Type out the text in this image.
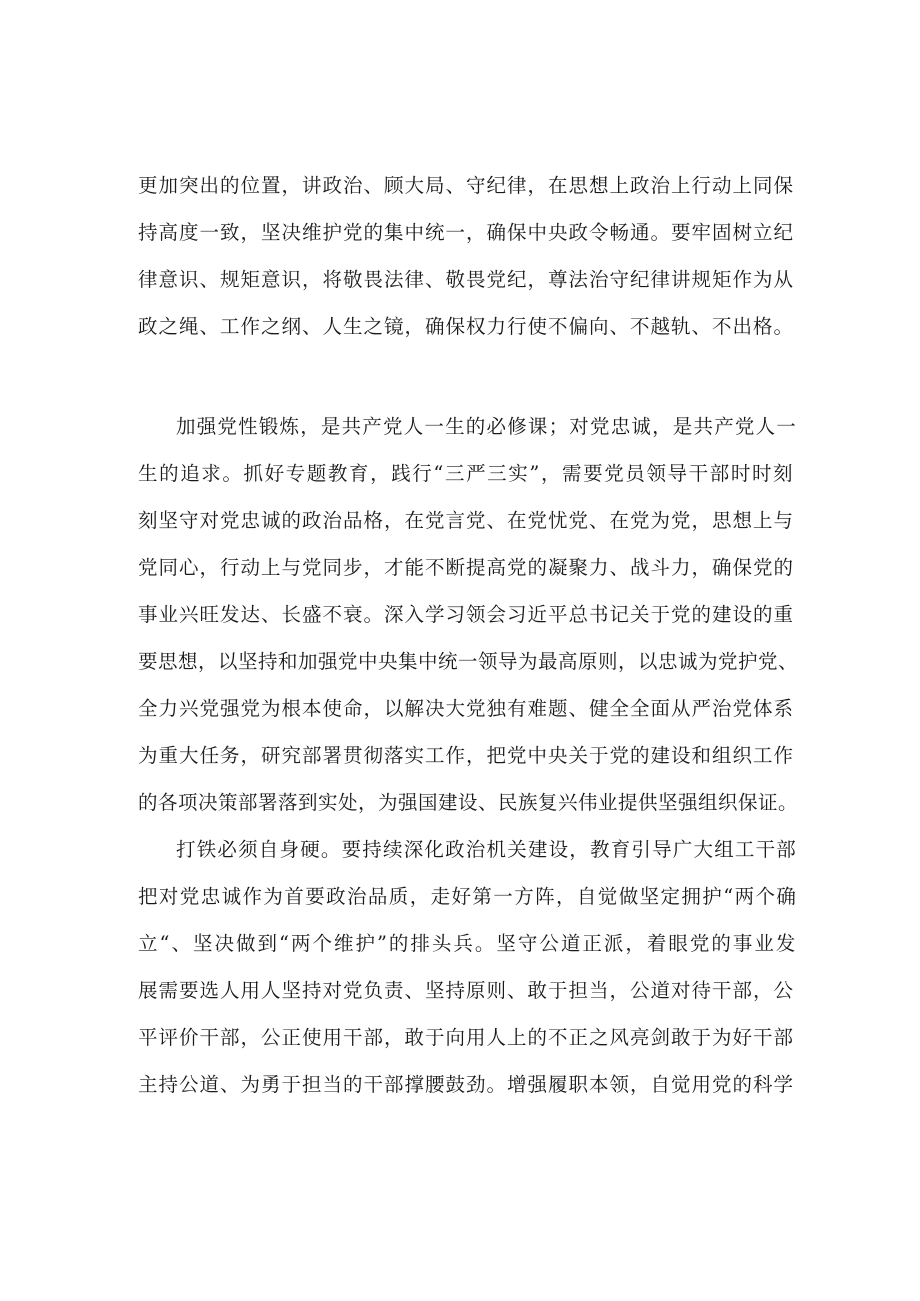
更加突出的位置，讲政治、顾大局、守纪律，在思想上政治上行动上同保
持高度一致，坚决维护党的集中统一，确保中央政令畅通。要牢固树立纪
律意识、规矩意识，将敬畏法律、敬畏党纪，尊法治守纪律讲规矩作为从
政之绳、工作之纲、人生之镜，确保权力行使不偏向、不越轨、不出格。
加强党性锻炼，是共产党人一生的必修课；对党忠诚，是共产党人一
生的追求。抓好专题教育，践行“三严三实”，需要党员领导干部时时刻
刻坚守对党忠诚的政治品格，在党言党、在党忧党、在党为党，思想上与
党同心，行动上与党同步，才能不断提高党的凝聚力、战斗力，确保党的
事业兴旺发达、长盛不衰。深入学习领会习近平总书记关于党的建设的重
要思想，以坚持和加强党中央集中统一领导为最高原则，以忠诚为党护党、
全力兴党强党为根本使命，以解决大党独有难题、健全全面从严治党体系
为重大任务，研究部署贯彻落实工作，把党中央关于党的建设和组织工作
的各项决策部署落到实处，为强国建设、民族复兴伟业提供坚强组织保证。
打铁必须自身硬。要持续深化政治机关建设，教育引导广大组工干部
把对党忠诚作为首要政治品质，走好第一方阵，自觉做坚定拥护“两个确
立“、坚决做到“两个维护”的排头兵。坚守公道正派，着眼党的事业发
展需要选人用人坚持对党负责、坚持原则、敢于担当，公道对待干部，公
平评价干部，公正使用干部，敢于向用人上的不正之风亮剑敢于为好干部
主持公道、为勇于担当的干部撑腰鼓劲。增强履职本领，自觉用党的科学
